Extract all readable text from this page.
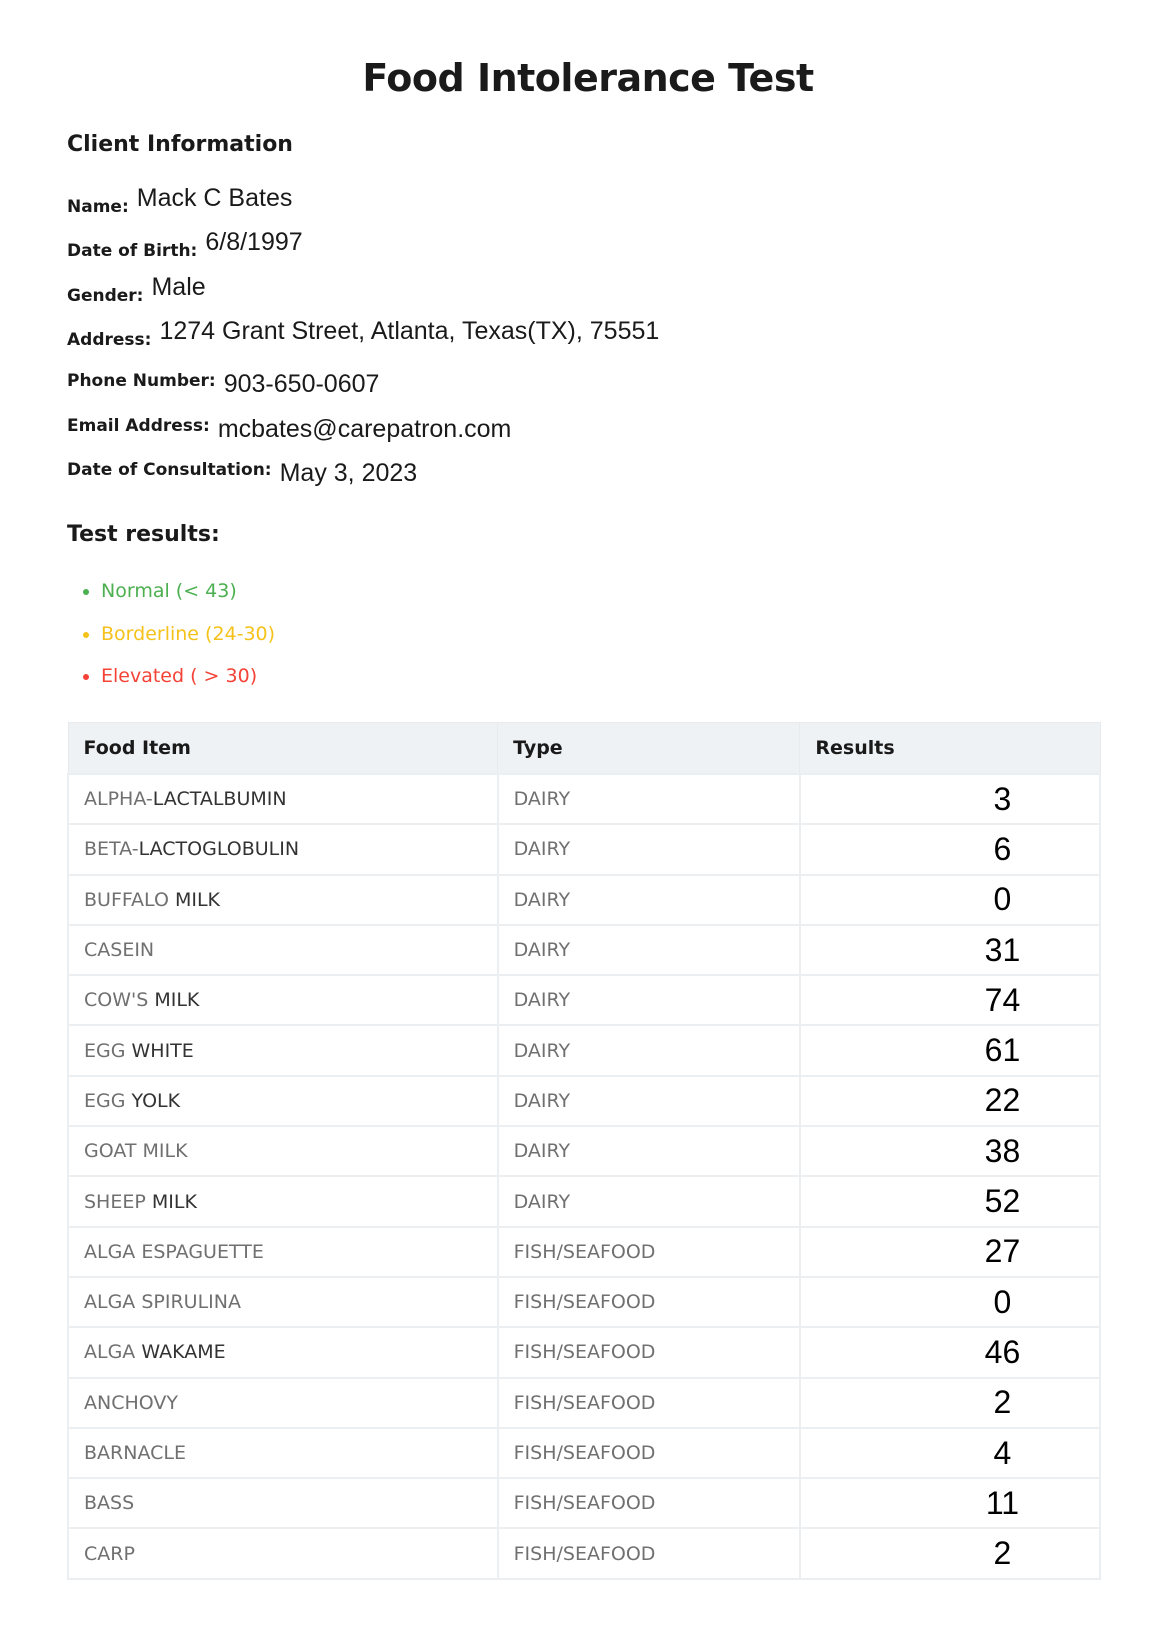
Food Intolerance Test
Client Information
Name: Mack C Bates
Date of Birth: 6/8/1997
Gender: Male
Address: 1274 Grant Street, Atlanta, Texas(TX), 75551
Phone Number: 903-650-0607
Email Address: mcbates@carepatron.com
Date of Consultation: May 3, 2023
Test results:
• Normal (< 43)
• Borderline (24-30)
• Elevated ( > 30)
Food Item	Type	Results
ALPHA-LACTALBUMIN	DAIRY	3
BETA-LACTOGLOBULIN	DAIRY	6
BUFFALO MILK	DAIRY	0
CASEIN	DAIRY	31
COW'S MILK	DAIRY	74
EGG WHITE	DAIRY	61
EGG YOLK	DAIRY	22
GOAT MILK	DAIRY	38
SHEEP MILK	DAIRY	52
ALGA ESPAGUETTE	FISH/SEAFOOD	27
ALGA SPIRULINA	FISH/SEAFOOD	0
ALGA WAKAME	FISH/SEAFOOD	46
ANCHOVY	FISH/SEAFOOD	2
BARNACLE	FISH/SEAFOOD	4
BASS	FISH/SEAFOOD	11
CARP	FISH/SEAFOOD	2
